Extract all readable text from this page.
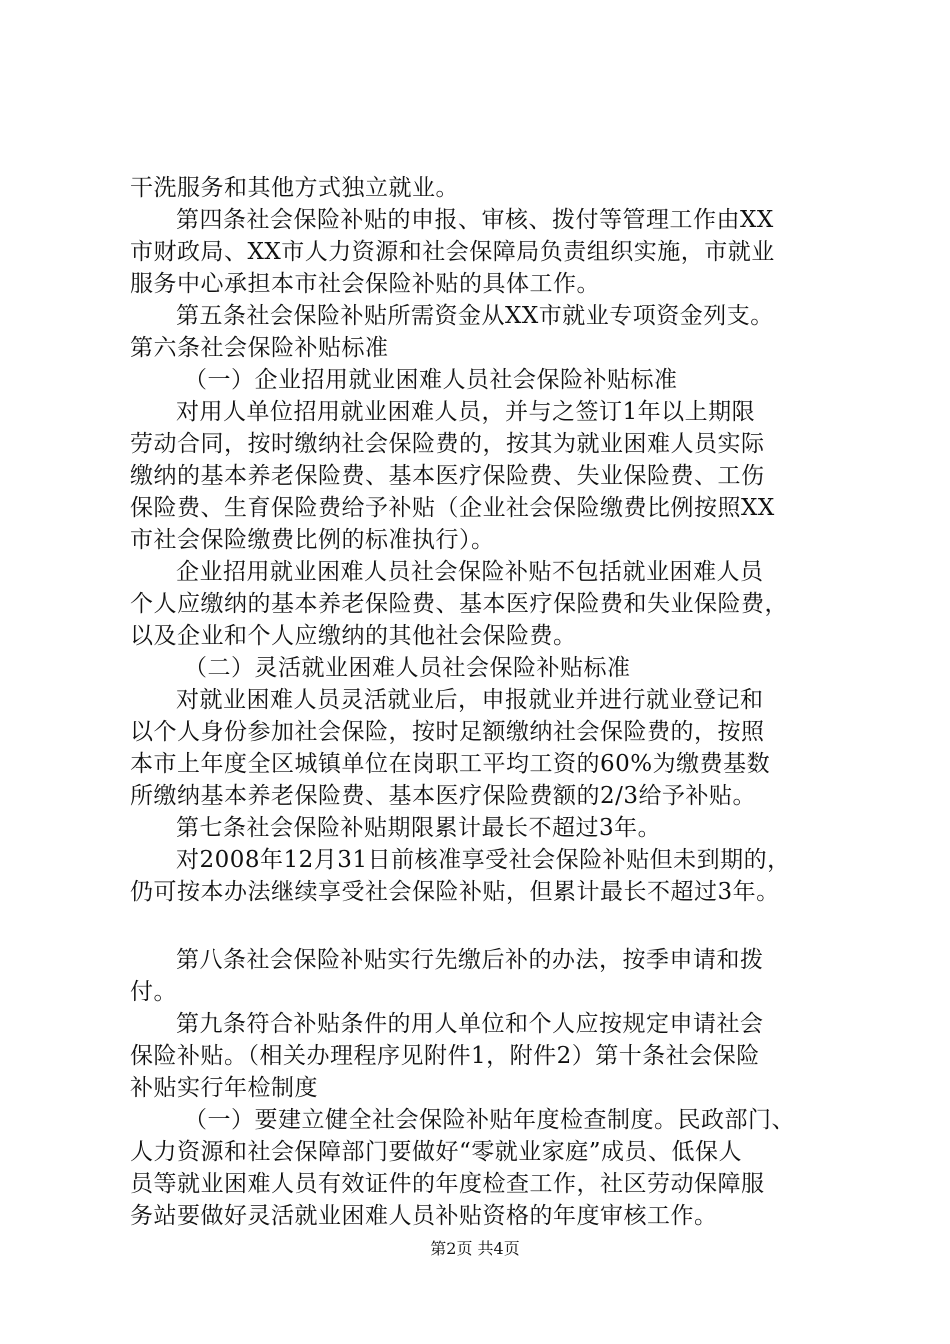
干洗服务和其他方式独立就业。
第四条社会保险补贴的申报、审核、拨付等管理工作由XX
市财政局、XX市人力资源和社会保障局负责组织实施，市就业
服务中心承担本市社会保险补贴的具体工作。
第五条社会保险补贴所需资金从XX市就业专项资金列支。
第六条社会保险补贴标准
（一）企业招用就业困难人员社会保险补贴标准
对用人单位招用就业困难人员，并与之签订1年以上期限
劳动合同，按时缴纳社会保险费的，按其为就业困难人员实际
缴纳的基本养老保险费、基本医疗保险费、失业保险费、工伤
保险费、生育保险费给予补贴（企业社会保险缴费比例按照XX
市社会保险缴费比例的标准执行）。
企业招用就业困难人员社会保险补贴不包括就业困难人员
个人应缴纳的基本养老保险费、基本医疗保险费和失业保险费，
以及企业和个人应缴纳的其他社会保险费。
（二）灵活就业困难人员社会保险补贴标准
对就业困难人员灵活就业后，申报就业并进行就业登记和
以个人身份参加社会保险，按时足额缴纳社会保险费的，按照
本市上年度全区城镇单位在岗职工平均工资的60%为缴费基数
所缴纳基本养老保险费、基本医疗保险费额的2/3给予补贴。
第七条社会保险补贴期限累计最长不超过3年。
对2008年12月31日前核准享受社会保险补贴但未到期的，
仍可按本办法继续享受社会保险补贴，但累计最长不超过3年。
第八条社会保险补贴实行先缴后补的办法，按季申请和拨
付。
第九条符合补贴条件的用人单位和个人应按规定申请社会
保险补贴。（相关办理程序见附件1，附件2）第十条社会保险
补贴实行年检制度
（一）要建立健全社会保险补贴年度检查制度。民政部门、
人力资源和社会保障部门要做好“零就业家庭”成员、低保人
员等就业困难人员有效证件的年度检查工作，社区劳动保障服
务站要做好灵活就业困难人员补贴资格的年度审核工作。
第2页 共4页
